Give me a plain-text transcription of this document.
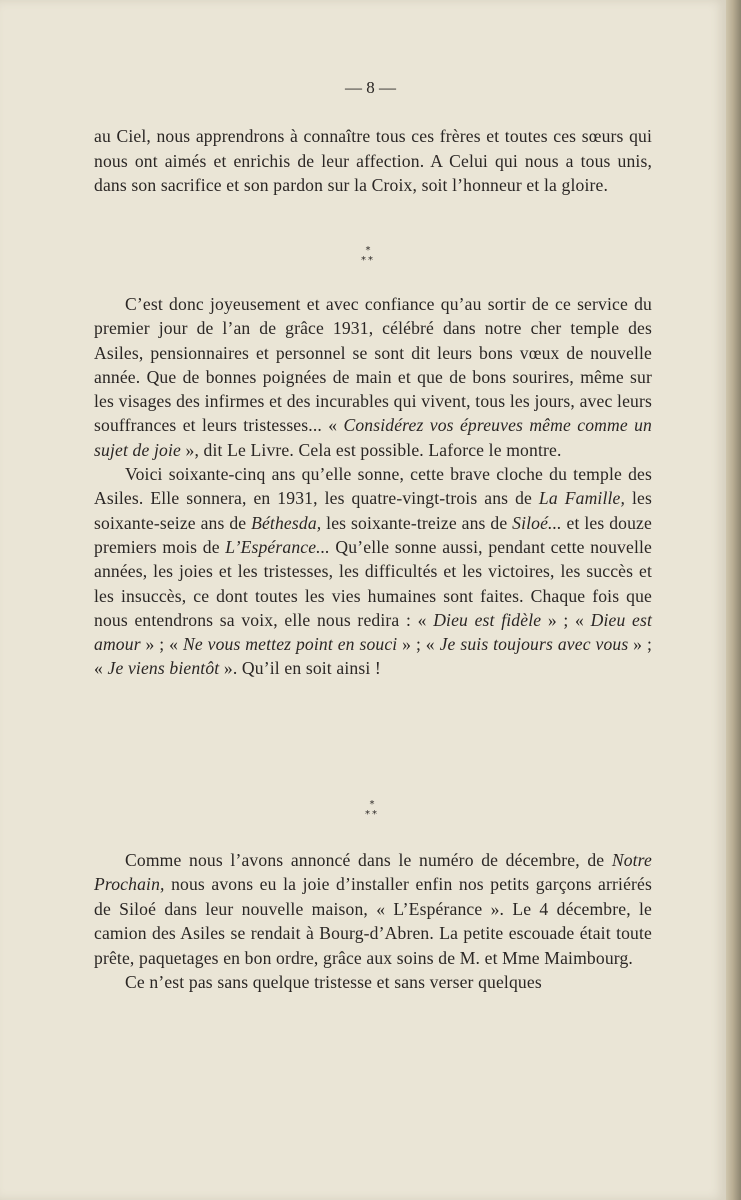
— 8 —

au Ciel, nous apprendrons à connaître tous ces frères et toutes ces sœurs qui nous ont aimés et enrichis de leur affection. A Celui qui nous a tous unis, dans son sacrifice et son pardon sur la Croix, soit l’honneur et la gloire.

*
**

C’est donc joyeusement et avec confiance qu’au sortir de ce service du premier jour de l’an de grâce 1931, célébré dans notre cher temple des Asiles, pensionnaires et personnel se sont dit leurs bons vœux de nouvelle année. Que de bonnes poignées de main et que de bons sourires, même sur les visages des infirmes et des incurables qui vivent, tous les jours, avec leurs souffrances et leurs tristesses... « Considérez vos épreuves même comme un sujet de joie », dit Le Livre. Cela est possible. Laforce le montre.

Voici soixante-cinq ans qu’elle sonne, cette brave cloche du temple des Asiles. Elle sonnera, en 1931, les quatre-vingt-trois ans de La Famille, les soixante-seize ans de Béthesda, les soixante-treize ans de Siloé... et les douze premiers mois de L’Espérance... Qu’elle sonne aussi, pendant cette nouvelle années, les joies et les tristesses, les difficultés et les victoires, les succès et les insuccès, ce dont toutes les vies humaines sont faites. Chaque fois que nous entendrons sa voix, elle nous redira : « Dieu est fidèle » ; « Dieu est amour » ; « Ne vous mettez point en souci » ; « Je suis toujours avec vous » ; « Je viens bientôt ». Qu’il en soit ainsi !

*
**

Comme nous l’avons annoncé dans le numéro de décembre, de Notre Prochain, nous avons eu la joie d’installer enfin nos petits garçons arriérés de Siloé dans leur nouvelle maison, « L’Espérance ». Le 4 décembre, le camion des Asiles se rendait à Bourg-d’Abren. La petite escouade était toute prête, paquetages en bon ordre, grâce aux soins de M. et Mme Maimbourg.

Ce n’est pas sans quelque tristesse et sans verser quelques
